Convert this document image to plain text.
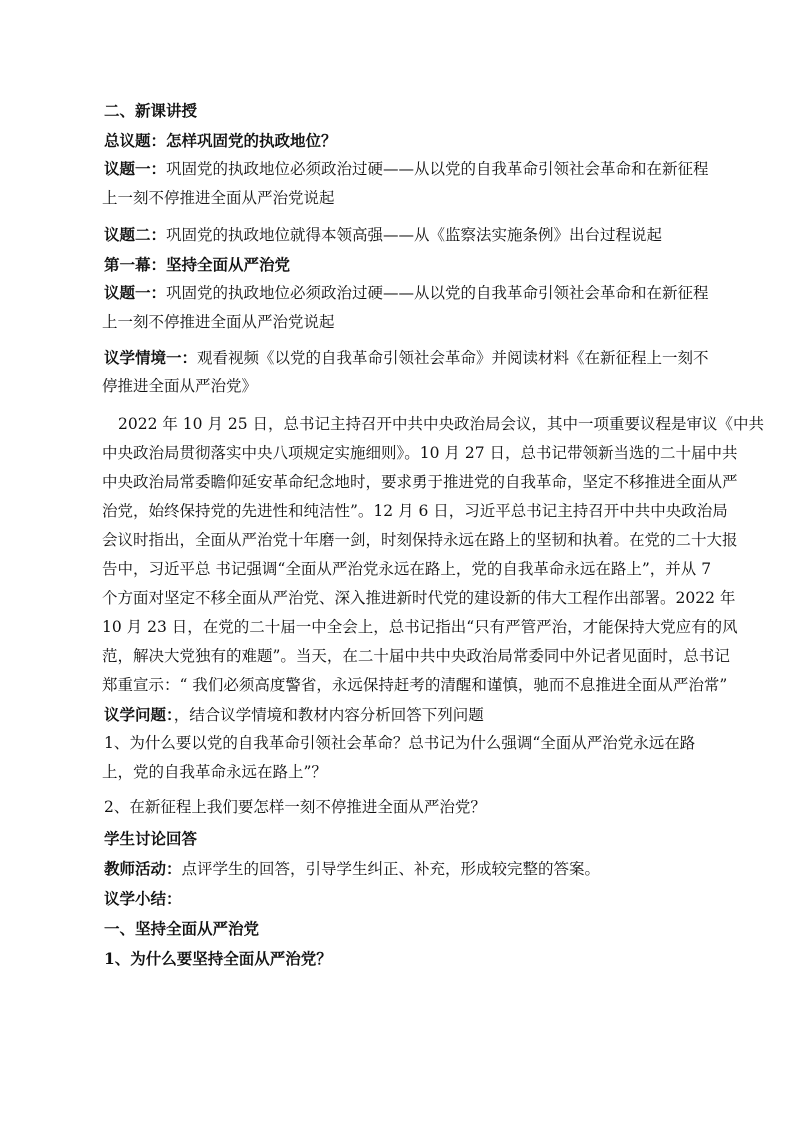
二、新课讲授
总议题：怎样巩固党的执政地位？
议题一：巩固党的执政地位必须政治过硬——从以党的自我革命引领社会革命和在新征程
上一刻不停推进全面从严治党说起
议题二：巩固党的执政地位就得本领高强——从《监察法实施条例》出台过程说起
第一幕：坚持全面从严治党
议题一：巩固党的执政地位必须政治过硬——从以党的自我革命引领社会革命和在新征程
上一刻不停推进全面从严治党说起
议学情境一：观看视频《以党的自我革命引领社会革命》并阅读材料《在新征程上一刻不
停推进全面从严治党》
2022 年 10 月 25 日，总书记主持召开中共中央政治局会议，其中一项重要议程是审议《中共
中央政治局贯彻落实中央八项规定实施细则》。10 月 27 日，总书记带领新当选的二十届中共
中央政治局常委瞻仰延安革命纪念地时，要求勇于推进党的自我革命，坚定不移推进全面从严
治党，始终保持党的先进性和纯洁性”。12 月 6 日，习近平总书记主持召开中共中央政治局
会议时指出，全面从严治党十年磨一剑，时刻保持永远在路上的坚韧和执着。在党的二十大报
告中，习近平总 书记强调“全面从严治党永远在路上，党的自我革命永远在路上”，并从 7
个方面对坚定不移全面从严治党、深入推进新时代党的建设新的伟大工程作出部署。2022 年
10 月 23 日，在党的二十届一中全会上，总书记指出“只有严管严治，才能保持大党应有的风
范，解决大党独有的难题”。当天，在二十届中共中央政治局常委同中外记者见面时，总书记
郑重宣示：“ 我们必须高度警省，永远保持赶考的清醒和谨慎，驰而不息推进全面从严治常”
议学问题：，结合议学情境和教材内容分析回答下列问题
1、为什么要以党的自我革命引领社会革命？总书记为什么强调“全面从严治党永远在路
上，党的自我革命永远在路上”？
2、在新征程上我们要怎样一刻不停推进全面从严治党？
学生讨论回答
教师活动：点评学生的回答，引导学生纠正、补充，形成较完整的答案。
议学小结：
一、坚持全面从严治党
1、为什么要坚持全面从严治党？
